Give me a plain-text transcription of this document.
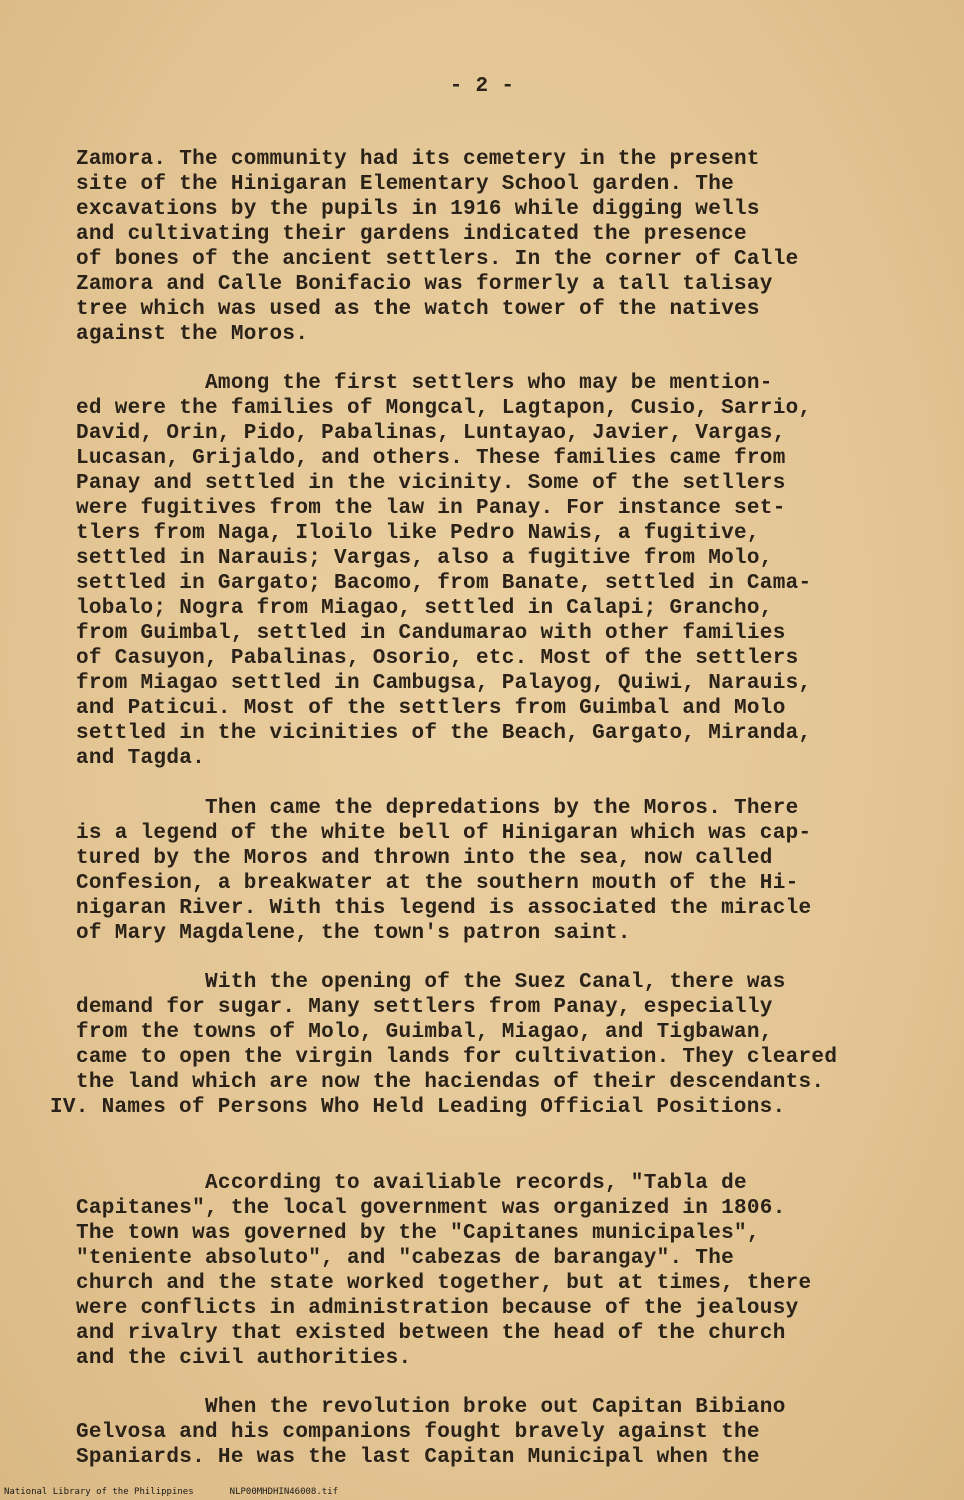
- 2 -

Zamora. The community had its cemetery in the present
site of the Hinigaran Elementary School garden. The
excavations by the pupils in 1916 while digging wells
and cultivating their gardens indicated the presence
of bones of the ancient settlers. In the corner of Calle
Zamora and Calle Bonifacio was formerly a tall talisay
tree which was used as the watch tower of the natives
against the Moros.

Among the first settlers who may be mention-
ed were the families of Mongcal, Lagtapon, Cusio, Sarrio,
David, Orin, Pido, Pabalinas, Luntayao, Javier, Vargas,
Lucasan, Grijaldo, and others. These families came from
Panay and settled in the vicinity. Some of the setllers
were fugitives from the law in Panay. For instance set-
tlers from Naga, Iloilo like Pedro Nawis, a fugitive,
settled in Narauis; Vargas, also a fugitive from Molo,
settled in Gargato; Bacomo, from Banate, settled in Cama-
lobalo; Nogra from Miagao, settled in Calapi; Grancho,
from Guimbal, settled in Candumarao with other families
of Casuyon, Pabalinas, Osorio, etc. Most of the settlers
from Miagao settled in Cambugsa, Palayog, Quiwi, Narauis,
and Paticui. Most of the settlers from Guimbal and Molo
settled in the vicinities of the Beach, Gargato, Miranda,
and Tagda.

Then came the depredations by the Moros. There
is a legend of the white bell of Hinigaran which was cap-
tured by the Moros and thrown into the sea, now called
Confesion, a breakwater at the southern mouth of the Hi-
nigaran River. With this legend is associated the miracle
of Mary Magdalene, the town's patron saint.

With the opening of the Suez Canal, there was
demand for sugar. Many settlers from Panay, especially
from the towns of Molo, Guimbal, Miagao, and Tigbawan,
came to open the virgin lands for cultivation. They cleared
the land which are now the haciendas of their descendants.

IV. Names of Persons Who Held Leading Official Positions.

According to availiable records, "Tabla de
Capitanes", the local government was organized in 1806.
The town was governed by the "Capitanes municipales",
"teniente absoluto", and "cabezas de barangay". The
church and the state worked together, but at times, there
were conflicts in administration because of the jealousy
and rivalry that existed between the head of the church
and the civil authorities.

When the revolution broke out Capitan Bibiano
Gelvosa and his companions fought bravely against the
Spaniards. He was the last Capitan Municipal when the

National Library of the Philippines	NLP00MHDHIN46008.tif
